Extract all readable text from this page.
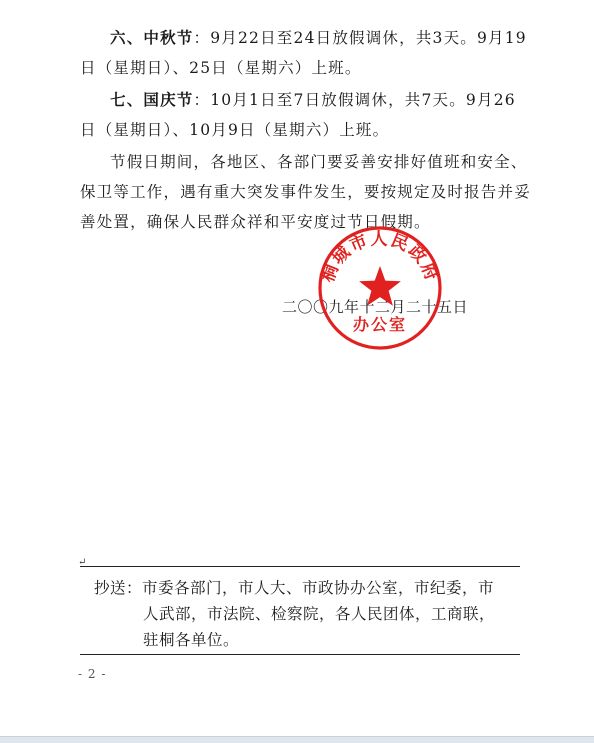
六、中秋节：9月22日至24日放假调休，共3天。9月19
日（星期日）、25日（星期六）上班。
七、国庆节：10月1日至7日放假调休，共7天。9月26
日（星期日）、10月9日（星期六）上班。
节假日期间，各地区、各部门要妥善安排好值班和安全、
保卫等工作，遇有重大突发事件发生，要按规定及时报告并妥
善处置，确保人民群众祥和平安度过节日假期。
二〇〇九年十二月二十五日
桐城市人民政府
办公室
↵
抄送：市委各部门，市人大、市政协办公室，市纪委，市
人武部，市法院、检察院，各人民团体，工商联，
驻桐各单位。
- 2 -
